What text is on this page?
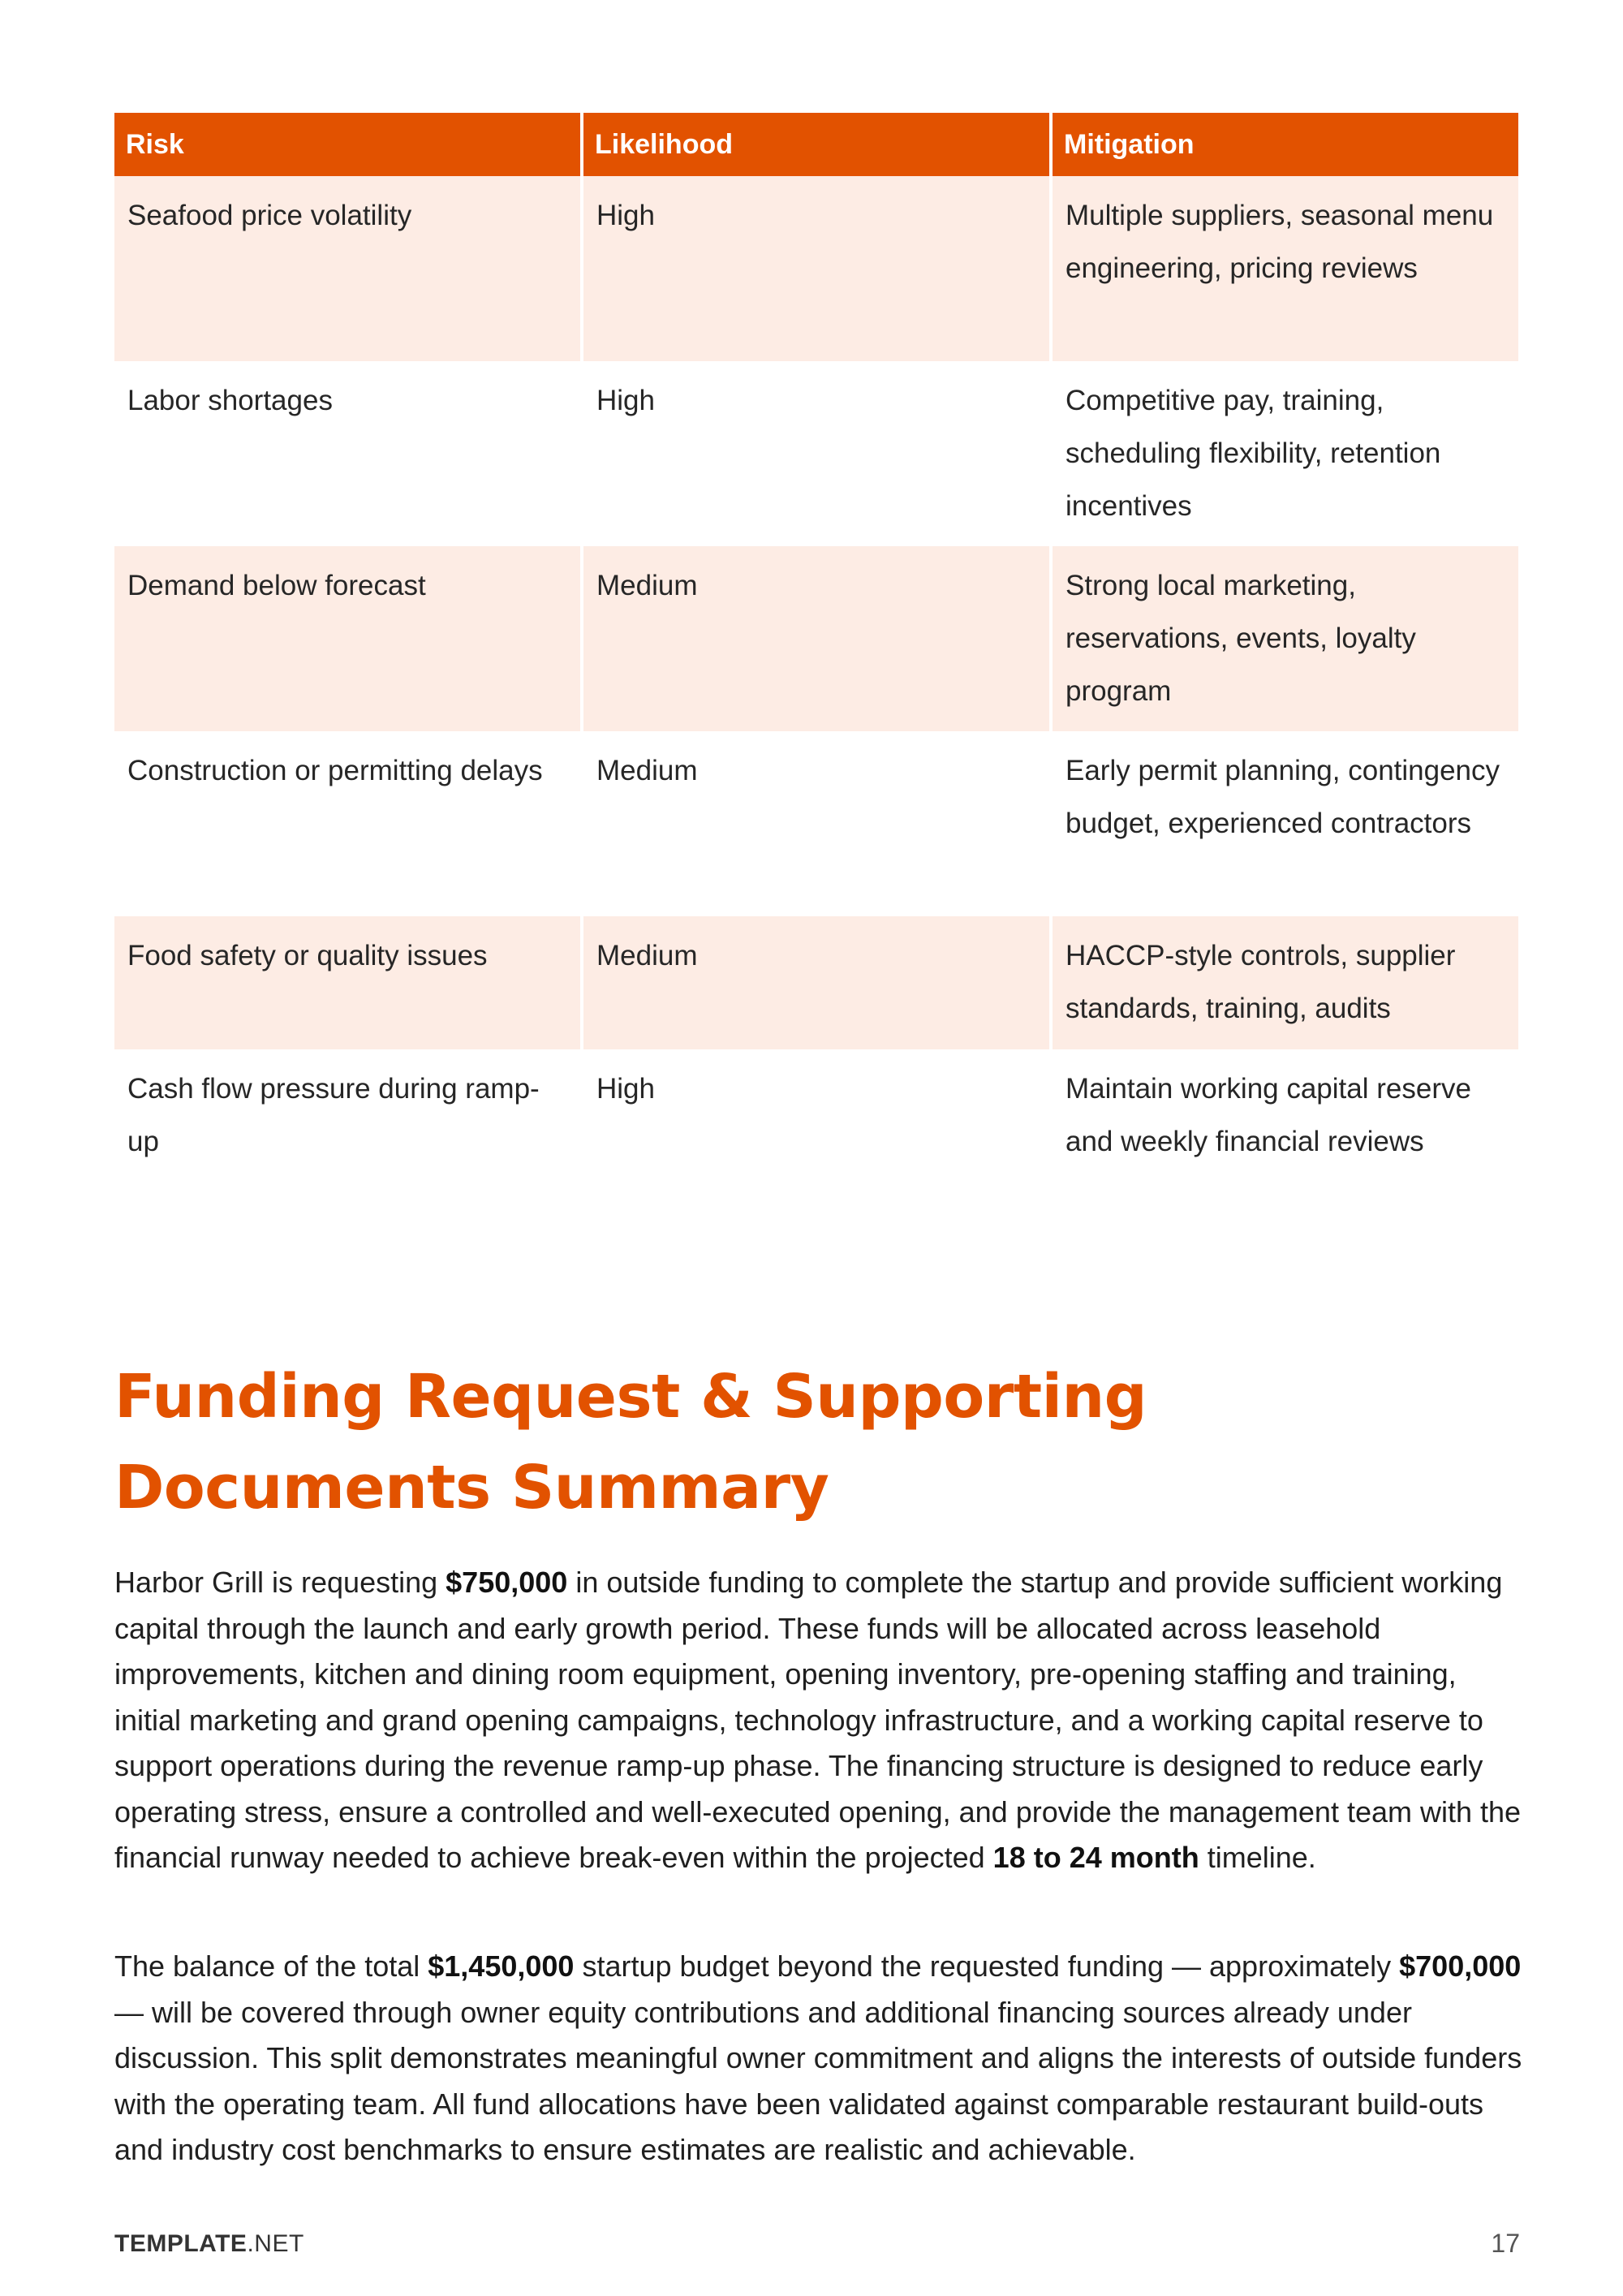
Risk	Likelihood	Mitigation
Seafood price volatility	High	Multiple suppliers, seasonal menu engineering, pricing reviews
Labor shortages	High	Competitive pay, training, scheduling flexibility, retention incentives
Demand below forecast	Medium	Strong local marketing, reservations, events, loyalty program
Construction or permitting delays	Medium	Early permit planning, contingency budget, experienced contractors
Food safety or quality issues	Medium	HACCP-style controls, supplier standards, training, audits
Cash flow pressure during ramp-up	High	Maintain working capital reserve and weekly financial reviews
Funding Request & Supporting Documents Summary

Harbor Grill is requesting $750,000 in outside funding to complete the startup and provide sufficient working capital through the launch and early growth period. These funds will be allocated across leasehold improvements, kitchen and dining room equipment, opening inventory, pre-opening staffing and training, initial marketing and grand opening campaigns, technology infrastructure, and a working capital reserve to support operations during the revenue ramp-up phase. The financing structure is designed to reduce early operating stress, ensure a controlled and well-executed opening, and provide the management team with the financial runway needed to achieve break-even within the projected 18 to 24 month timeline.

The balance of the total $1,450,000 startup budget beyond the requested funding — approximately $700,000 — will be covered through owner equity contributions and additional financing sources already under discussion. This split demonstrates meaningful owner commitment and aligns the interests of outside funders with the operating team. All fund allocations have been validated against comparable restaurant build-outs and industry cost benchmarks to ensure estimates are realistic and achievable.

TEMPLATE.NET	17
